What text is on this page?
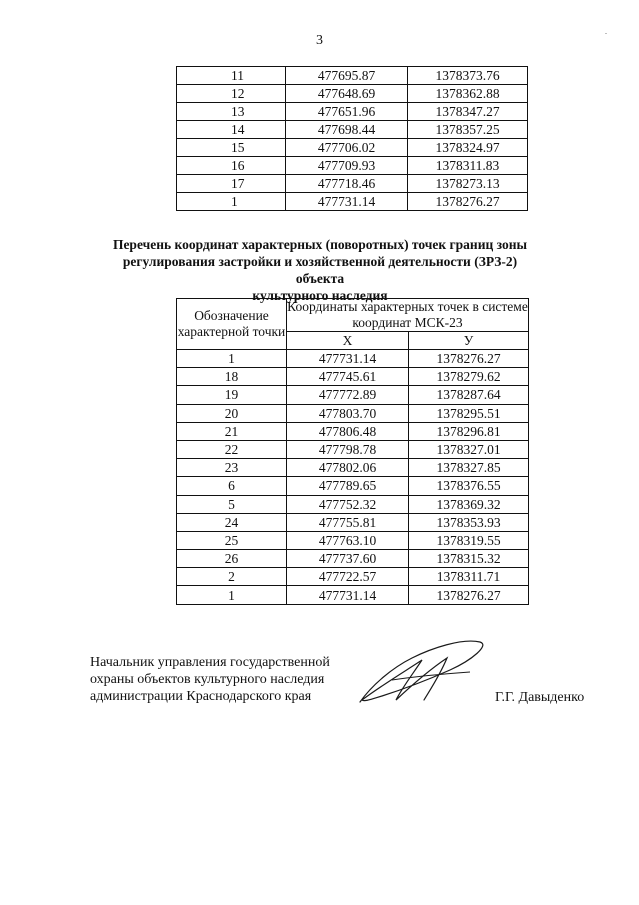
3
.
11	477695.87	1378373.76
12	477648.69	1378362.88
13	477651.96	1378347.27
14	477698.44	1378357.25
15	477706.02	1378324.97
16	477709.93	1378311.83
17	477718.46	1378273.13
1	477731.14	1378276.27
Перечень координат характерных (поворотных) точек границ зоны
регулирования застройки и хозяйственной деятельности (ЗРЗ-2) объекта
культурного наследия
Обозначение характерной точки	Координаты характерных точек в системе координат МСК-23	
	X	У
1	477731.14	1378276.27
18	477745.61	1378279.62
19	477772.89	1378287.64
20	477803.70	1378295.51
21	477806.48	1378296.81
22	477798.78	1378327.01
23	477802.06	1378327.85
6	477789.65	1378376.55
5	477752.32	1378369.32
24	477755.81	1378353.93
25	477763.10	1378319.55
26	477737.60	1378315.32
2	477722.57	1378311.71
1	477731.14	1378276.27
Начальник управления государственной
охраны объектов культурного наследия
администрации Краснодарского края	Г.Г. Давыденко
